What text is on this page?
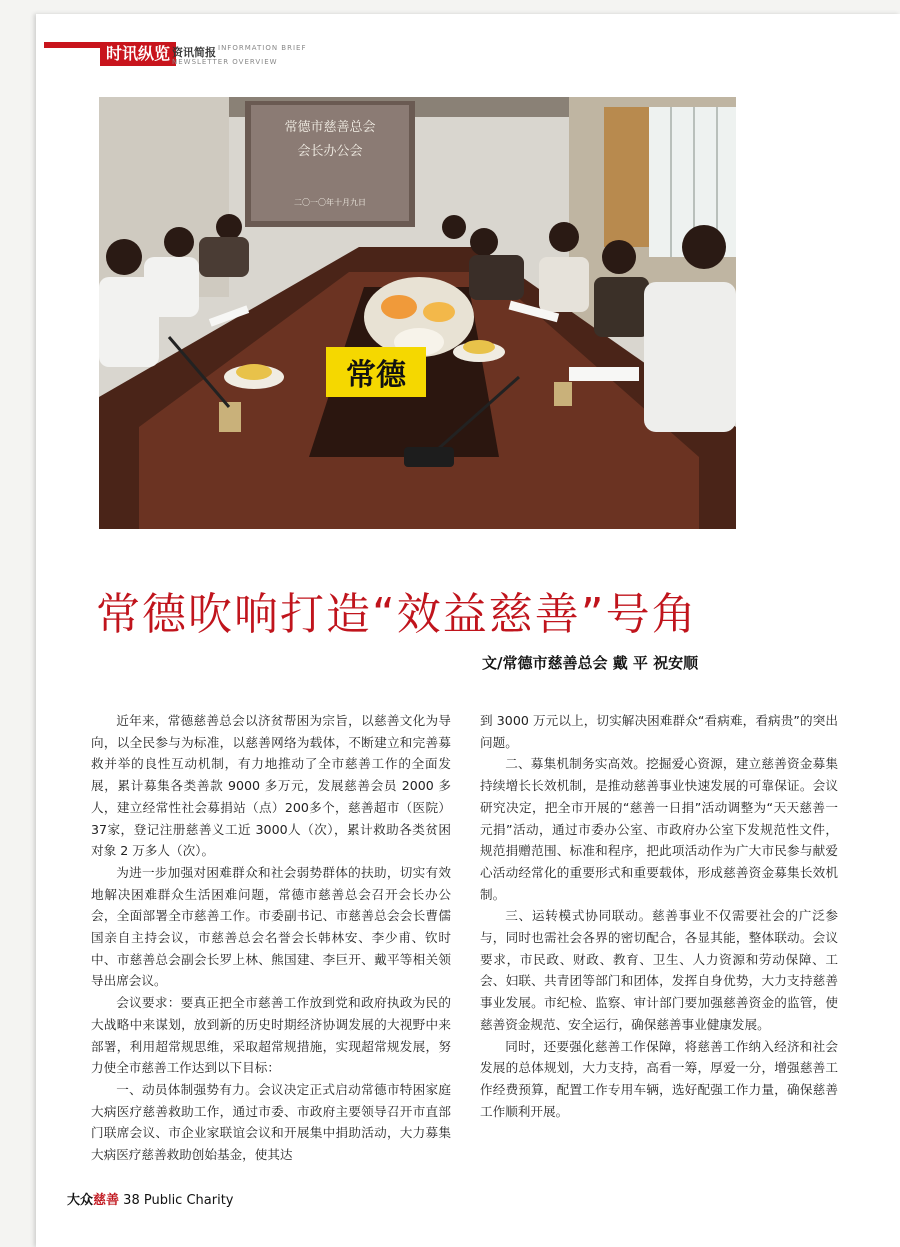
时讯纵览 资讯简报 INFORMATION BRIEF
NEWSLETTER OVERVIEW
常德市慈善总会
会长办公会
二〇一〇年十月九日
常德
常德吹响打造“效益慈善”号角
文/常德市慈善总会 戴 平 祝安顺

近年来，常德慈善总会以济贫帮困为宗旨，以慈善文化为导向，以全民参与为标准，以慈善网络为载体，不断建立和完善募救并举的良性互动机制，有力地推动了全市慈善工作的全面发展，累计募集各类善款 9000 多万元，发展慈善会员 2000 多人，建立经常性社会募捐站（点）200多个，慈善超市（医院）37家，登记注册慈善义工近 3000人（次），累计救助各类贫困对象 2 万多人（次）。

为进一步加强对困难群众和社会弱势群体的扶助，切实有效地解决困难群众生活困难问题，常德市慈善总会召开会长办公会，全面部署全市慈善工作。市委副书记、市慈善总会会长曹儒国亲自主持会议，市慈善总会名誉会长韩林安、李少甫、钦时中、市慈善总会副会长罗上林、熊国建、李巨开、戴平等相关领导出席会议。

会议要求：要真正把全市慈善工作放到党和政府执政为民的大战略中来谋划，放到新的历史时期经济协调发展的大视野中来部署，利用超常规思维，采取超常规措施，实现超常规发展，努力使全市慈善工作达到以下目标：

一、动员体制强势有力。会议决定正式启动常德市特困家庭大病医疗慈善救助工作，通过市委、市政府主要领导召开市直部门联席会议、市企业家联谊会议和开展集中捐助活动，大力募集大病医疗慈善救助创始基金，使其达

到 3000 万元以上，切实解决困难群众“看病难，看病贵”的突出问题。

二、募集机制务实高效。挖掘爱心资源，建立慈善资金募集持续增长长效机制，是推动慈善事业快速发展的可靠保证。会议研究决定，把全市开展的“慈善一日捐”活动调整为“天天慈善一元捐”活动，通过市委办公室、市政府办公室下发规范性文件，规范捐赠范围、标准和程序，把此项活动作为广大市民参与献爱心活动经常化的重要形式和重要载体，形成慈善资金募集长效机制。

三、运转模式协同联动。慈善事业不仅需要社会的广泛参与，同时也需社会各界的密切配合，各显其能，整体联动。会议要求，市民政、财政、教育、卫生、人力资源和劳动保障、工会、妇联、共青团等部门和团体，发挥自身优势，大力支持慈善事业发展。市纪检、监察、审计部门要加强慈善资金的监管，使慈善资金规范、安全运行，确保慈善事业健康发展。

同时，还要强化慈善工作保障，将慈善工作纳入经济和社会发展的总体规划，大力支持，高看一筹，厚爱一分，增强慈善工作经费预算，配置工作专用车辆，选好配强工作力量，确保慈善工作顺利开展。

大众慈善 38 Public Charity
